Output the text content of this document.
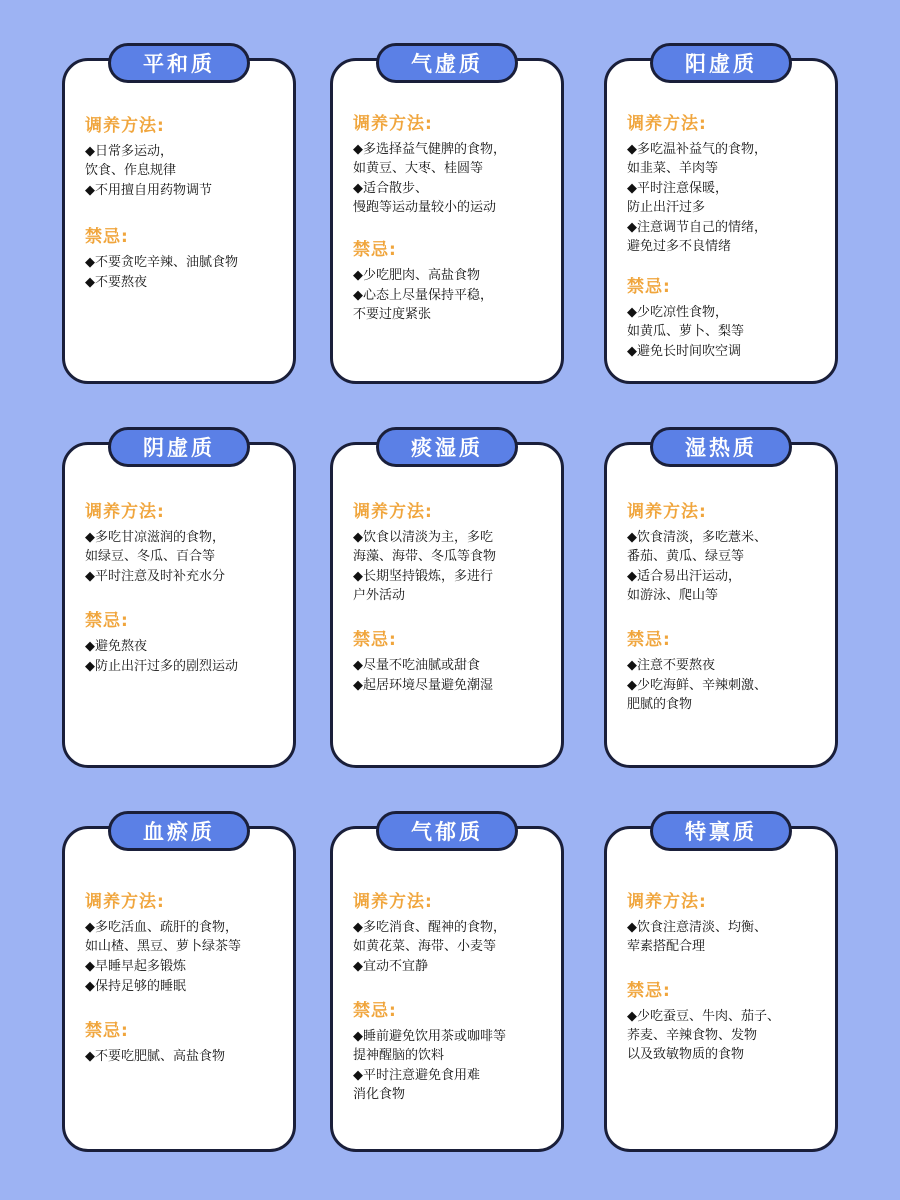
平和质
调养方法:
◆日常多运动，
饮食、作息规律
◆不用擅自用药物调节
禁忌:
◆不要贪吃辛辣、油腻食物
◆不要熬夜
气虚质
调养方法:
◆多选择益气健脾的食物，
如黄豆、大枣、桂圆等
◆适合散步、
慢跑等运动量较小的运动
禁忌:
◆少吃肥肉、高盐食物
◆心态上尽量保持平稳，
不要过度紧张
阳虚质
调养方法:
◆多吃温补益气的食物，
如韭菜、羊肉等
◆平时注意保暖，
防止出汗过多
◆注意调节自己的情绪，
避免过多不良情绪
禁忌:
◆少吃凉性食物，
如黄瓜、萝卜、梨等
◆避免长时间吹空调
阴虚质
调养方法:
◆多吃甘凉滋润的食物，
如绿豆、冬瓜、百合等
◆平时注意及时补充水分
禁忌:
◆避免熬夜
◆防止出汗过多的剧烈运动
痰湿质
调养方法:
◆饮食以清淡为主，多吃
海藻、海带、冬瓜等食物
◆长期坚持锻炼，多进行
户外活动
禁忌:
◆尽量不吃油腻或甜食
◆起居环境尽量避免潮湿
湿热质
调养方法:
◆饮食清淡，多吃薏米、
番茄、黄瓜、绿豆等
◆适合易出汗运动，
如游泳、爬山等
禁忌:
◆注意不要熬夜
◆少吃海鲜、辛辣刺激、
肥腻的食物
血瘀质
调养方法:
◆多吃活血、疏肝的食物，
如山楂、黑豆、萝卜绿茶等
◆早睡早起多锻炼
◆保持足够的睡眠
禁忌:
◆不要吃肥腻、高盐食物
气郁质
调养方法:
◆多吃消食、醒神的食物，
如黄花菜、海带、小麦等
◆宜动不宜静
禁忌:
◆睡前避免饮用茶或咖啡等
提神醒脑的饮料
◆平时注意避免食用难
消化食物
特禀质
调养方法:
◆饮食注意清淡、均衡、
荤素搭配合理
禁忌:
◆少吃蚕豆、牛肉、茄子、
荞麦、辛辣食物、发物
以及致敏物质的食物
